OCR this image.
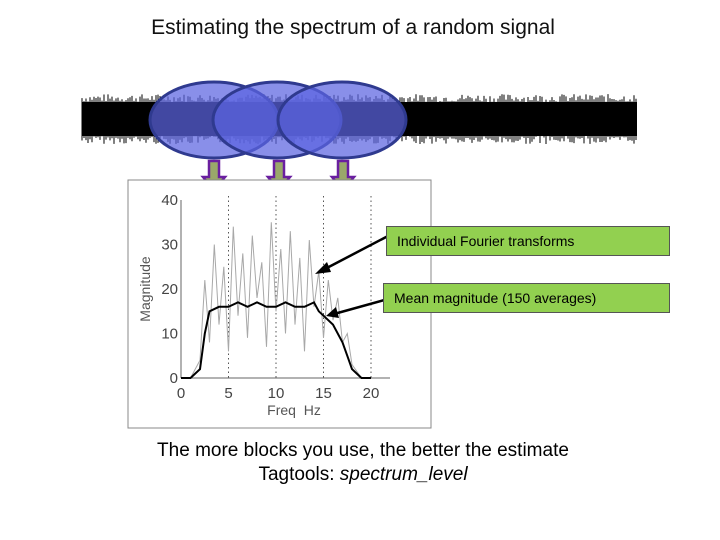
Estimating the spectrum of a random signal
0
10
20
30
40
0	5 10 15 20
Magnitude
Freq  Hz
Individual Fourier transforms
Mean magnitude (150 averages)
The more blocks you use, the better the estimate
Tagtools: spectrum_level
